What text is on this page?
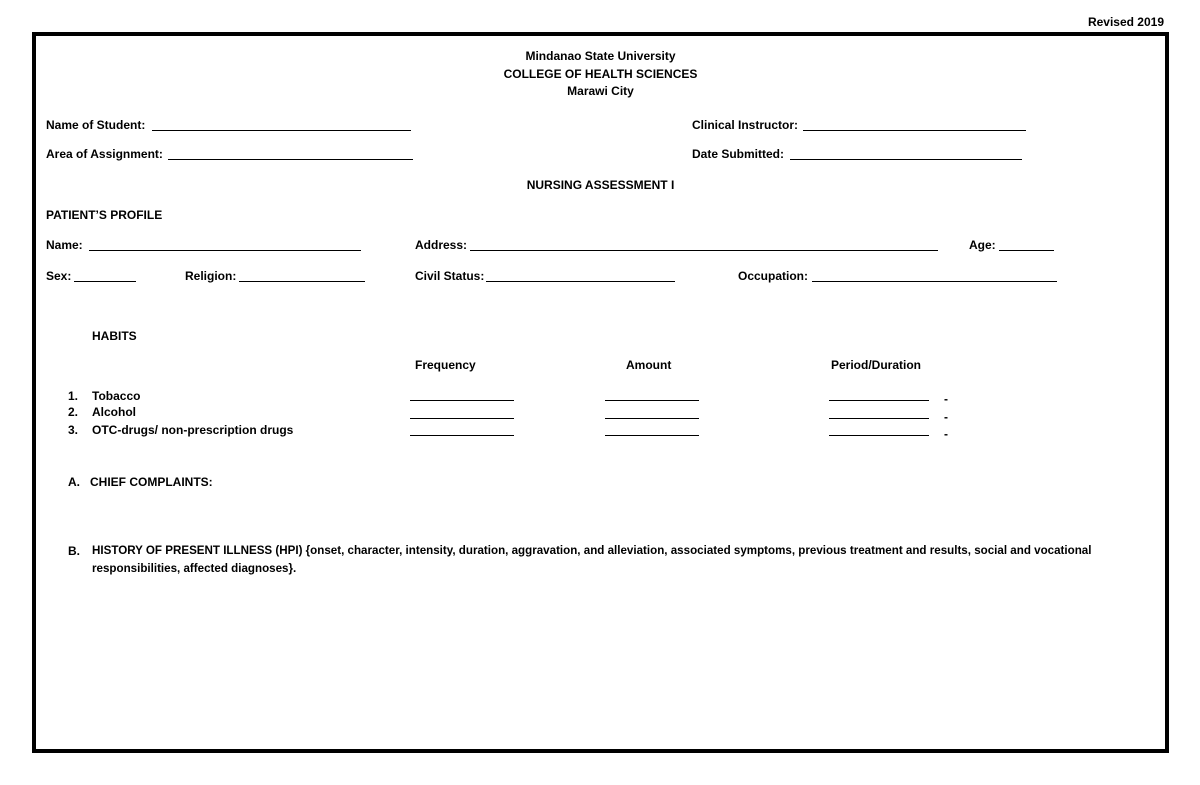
Revised 2019
Mindanao State University
COLLEGE OF HEALTH SCIENCES
Marawi City
Name of Student:	Clinical Instructor:
Area of Assignment:	Date Submitted:
NURSING ASSESSMENT I
PATIENT’S PROFILE
Name:	Address:	Age:
Sex:	Religion:	Civil Status:	Occupation:
HABITS
Frequency	Amount	Period/Duration
1. Tobacco	-
2. Alcohol	-
3. OTC-drugs/ non-prescription drugs	-
A. CHIEF COMPLAINTS:
B. HISTORY OF PRESENT ILLNESS (HPI) {onset, character, intensity, duration, aggravation, and alleviation, associated symptoms, previous treatment and results, social and vocational
responsibilities, affected diagnoses}.
